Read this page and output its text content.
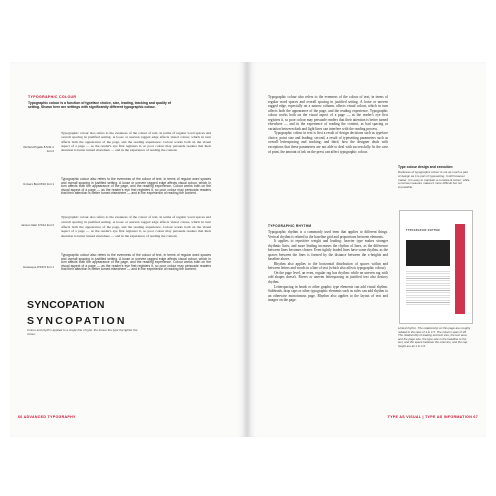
TYPOGRAPHIC COLOUR
Typographic colour is a function of typeface choice, size, leading, tracking and quality of setting. Shown here are settings with significantly different typographic colour.
Richard Pigalle 8.5/11 2 font 2
Typographic colour also refers to the evenness of the colour of text, in terms of regular word spaces and overall spacing in justified setting. A loose or uneven ragged edge affects visual colour, which in turn affects both the appearance of the page, and the reading experience. Colour works both on the visual aspect of a page — as the reader's eye first registers it, so poor colour may persuade readers that their attention is better turned elsewhere — and in the experience of reading the content.
Univers Bold 8/10 font 1
Typographic colour also refers to the evenness of the colour of text, in terms of regular word spaces and overall spacing in justified setting. A loose or uneven ragged edge affects visual colour, which in turn affects both the appearance of the page, and the reading experience. Colour works both on the visual aspect of a page — as the reader's eye first registers it, so poor colour may persuade readers that their attention is better turned elsewhere — and in the experience of reading the content.
Janson Italic 9.5/12 font 2
Typographic colour also refers to the evenness of the colour of text, in terms of regular word spaces and overall spacing in justified setting. A loose or uneven ragged edge affects visual colour, which in turn affects both the appearance of the page, and the reading experience. Colour works both on the visual aspect of a page — as the reader's eye first registers it, so poor colour may persuade readers that their attention is better turned elsewhere — and in the experience of reading the content.
Grotesque 8.5/9.5 font 1
Typographic colour also refers to the evenness of the colour of text, in terms of regular word spaces and overall spacing in justified setting. A loose or uneven ragged edge affects visual colour, which in turn affects both the appearance of the page, and the reading experience. Colour works both on the visual aspect of a page — as the reader's eye first registers it, so poor colour may persuade readers that their attention is better turned elsewhere — and in the experience of reading the content.
SYNCOPATION
SYNCOPATION
Colour and rhythm applied to a single line of type: the looser the type the lighter the colour.
66 ADVANCED TYPOGRAPHY

Typographic colour also refers to the evenness of the colour of text, in terms of regular word spaces and overall spacing in justified setting. A loose or uneven ragged edge, especially on a narrow column, affects visual colour, which in turn affects both the appearance of the page, and the reading experience. Typographic colour works both on the visual aspect of a page — as the reader's eye first registers it, so poor colour may persuade readers that their attention is better turned elsewhere — and in the experience of reading the content, as bad spacing or variation between dark and light lines can interfere with the reading process.

Typographic colour in text is first a result of design decisions such as typeface choice, point size and leading; second, a result of typesetting parameters such as overall letterspacing and tracking; and third, how the designer deals with exceptions that these parameters are not able to deal with successfully. In the case of print, the amount of ink on the press can affect typographic colour.

TYPOGRAPHIC RHYTHM

Typographic rhythm is a commonly used term that applies to different things. Vertical rhythm is related to the baseline grid and proportions between elements.

It applies to repetitive weight and leading: heavier type makes stronger rhythmic lines, and more leading increases the rhythm of lines, as the difference between lines becomes clearer. Even tightly leaded lines have some rhythm, as the spaces between the lines is formed by the distance between the x-heights and baseline above.

Rhythm also applies to the horizontal distribution of spaces within and between letters and words in a line of text (which also affects typographic colour).

On the page level, an even, regular rag has rhythm: while an uneven rag with odd shapes doesn't. Rivers or uneven letterspacing in justified text also destroy rhythm.

Letterspacing in heads or other graphic type elements can add visual rhythm. Subheads, drop caps or other typographic elements such as rules can add rhythm to an otherwise monotonous page. Rhythm also applies to the layout of text and images on the page.

Type colour design and execution
Darkness of typographic colour is not as much a part of design as it is part of typesetting. It will however matter: it is easy to maintain a consistent colour, while a narrow measure makes it more difficult but not impossible.
TYPOGRAPHIC RHYTHM
Linked rhythm. The relationship on this page are roughly related to the ratio of 1 to 1.5. The column span of 26. The relationship of leading and text size, the text area and the page size, the type size in the headline to the text, and the space between the columns, and the cap height are all 1 to 1.6.
TYPE AS VISUAL | TYPE AS INFORMATION 67
